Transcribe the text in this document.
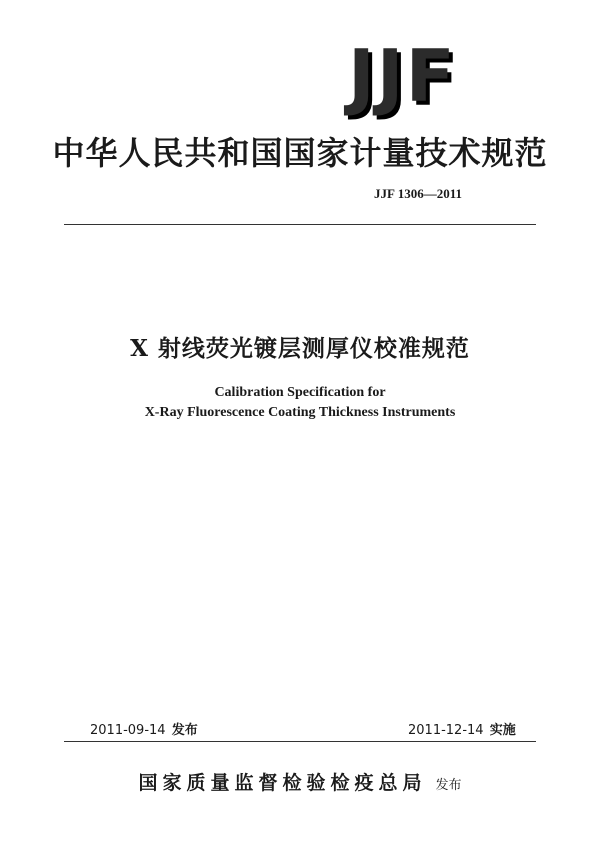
JJF
中华人民共和国国家计量技术规范
JJF 1306—2011
X 射线荧光镀层测厚仪校准规范
Calibration Specification for
X-Ray Fluorescence Coating Thickness Instruments
2011-09-14 发布	2011-12-14 实施
国家质量监督检验检疫总局 发布
